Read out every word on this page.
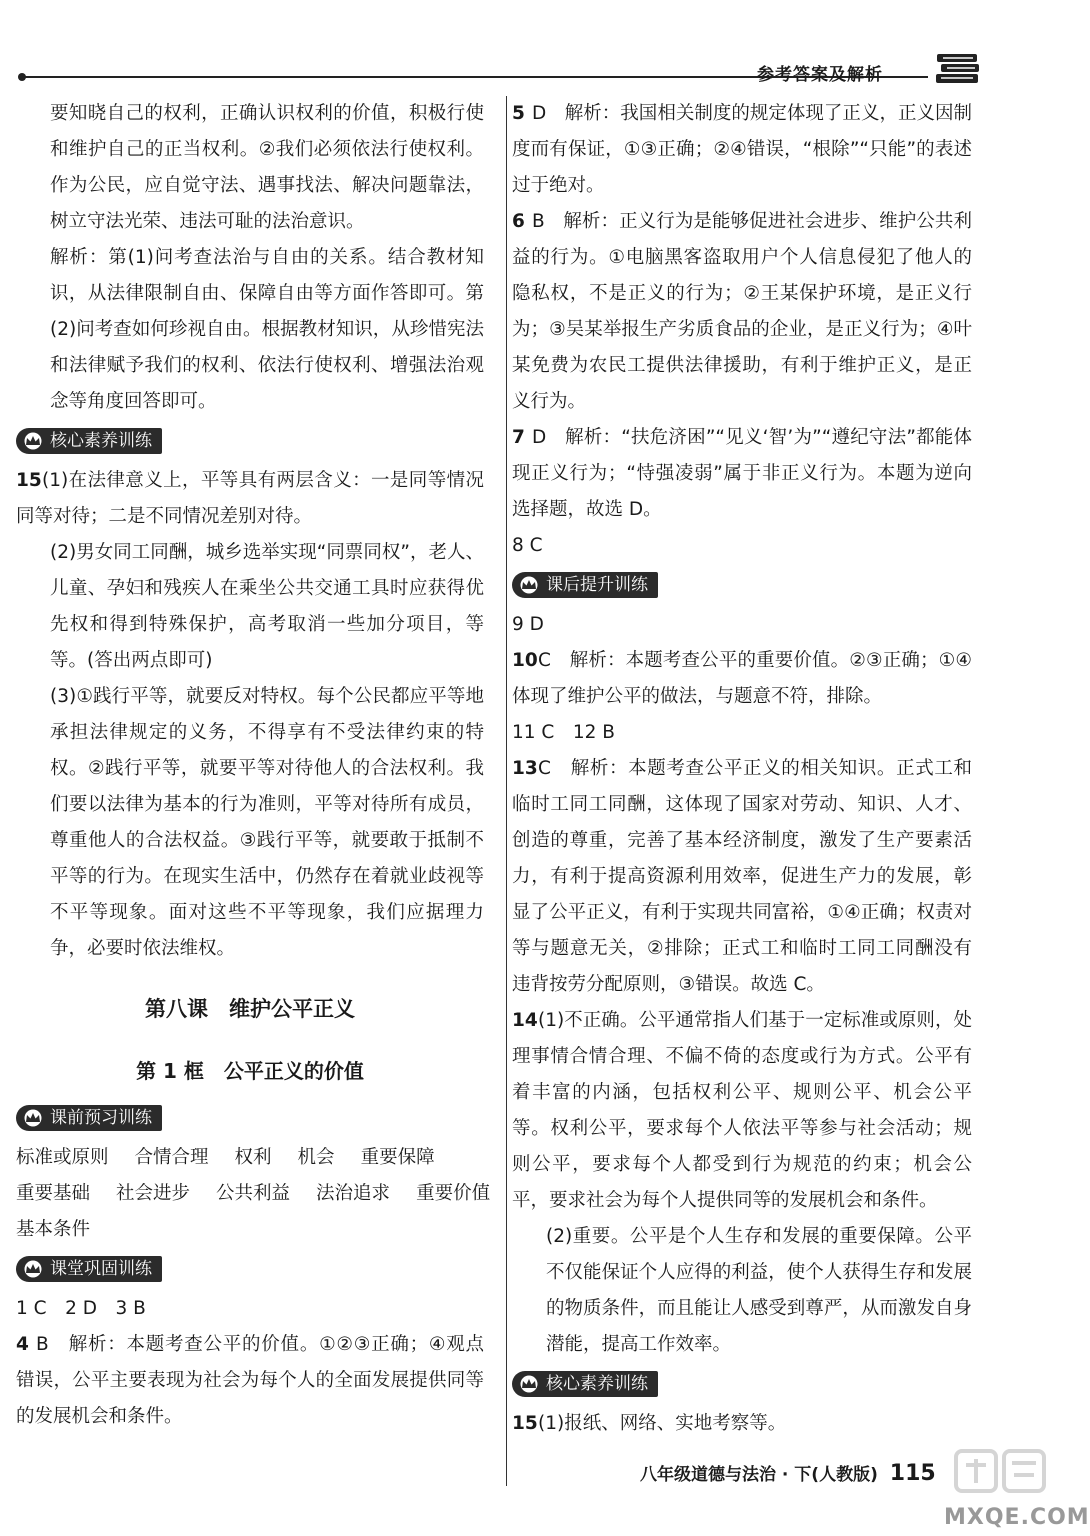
参考答案及解析

要知晓自己的权利，正确认识权利的价值，积极行使和维护自己的正当权利。②我们必须依法行使权利。作为公民，应自觉守法、遇事找法、解决问题靠法，树立守法光荣、违法可耻的法治意识。

解析：第(1)问考查法治与自由的关系。结合教材知识，从法律限制自由、保障自由等方面作答即可。第(2)问考查如何珍视自由。根据教材知识，从珍惜宪法和法律赋予我们的权利、依法行使权利、增强法治观念等角度回答即可。

核心素养训练

15(1)在法律意义上，平等具有两层含义：一是同等情况同等对待；二是不同情况差别对待。

(2)男女同工同酬，城乡选举实现“同票同权”，老人、儿童、孕妇和残疾人在乘坐公共交通工具时应获得优先权和得到特殊保护，高考取消一些加分项目，等等。(答出两点即可)

(3)①践行平等，就要反对特权。每个公民都应平等地承担法律规定的义务，不得享有不受法律约束的特权。②践行平等，就要平等对待他人的合法权利。我们要以法律为基本的行为准则，平等对待所有成员，尊重他人的合法权益。③践行平等，就要敢于抵制不平等的行为。在现实生活中，仍然存在着就业歧视等不平等现象。面对这些不平等现象，我们应据理力争，必要时依法维权。

第八课　维护公平正义
第 1 框　公平正义的价值
课前预习训练
标准或原则 合情合理 权利 机会 重要保障
重要基础 社会进步 公共利益 法治追求 重要价值
基本条件
课堂巩固训练

1 C　2 D　3 B

4 B　解析：本题考查公平的价值。①②③正确；④观点错误，公平主要表现为社会为每个人的全面发展提供同等的发展机会和条件。

5 D　解析：我国相关制度的规定体现了正义，正义因制度而有保证，①③正确；②④错误，“根除”“只能”的表述过于绝对。

6 B　解析：正义行为是能够促进社会进步、维护公共利益的行为。①电脑黑客盗取用户个人信息侵犯了他人的隐私权，不是正义的行为；②王某保护环境，是正义行为；③吴某举报生产劣质食品的企业，是正义行为；④叶某免费为农民工提供法律援助，有利于维护正义，是正义行为。

7 D　解析：“扶危济困”“见义‘智’为”“遵纪守法”都能体现正义行为；“恃强凌弱”属于非正义行为。本题为逆向选择题，故选 D。

8 C

课后提升训练

9 D

10C　解析：本题考查公平的重要价值。②③正确；①④体现了维护公平的做法，与题意不符，排除。

11 C　12 B

13C　解析：本题考查公平正义的相关知识。正式工和临时工同工同酬，这体现了国家对劳动、知识、人才、创造的尊重，完善了基本经济制度，激发了生产要素活力，有利于提高资源利用效率，促进生产力的发展，彰显了公平正义，有利于实现共同富裕，①④正确；权责对等与题意无关，②排除；正式工和临时工同工同酬没有违背按劳分配原则，③错误。故选 C。

14(1)不正确。公平通常指人们基于一定标准或原则，处理事情合情合理、不偏不倚的态度或行为方式。公平有着丰富的内涵，包括权利公平、规则公平、机会公平等。权利公平，要求每个人依法平等参与社会活动；规则公平，要求每个人都受到行为规范的约束；机会公平，要求社会为每个人提供同等的发展机会和条件。

(2)重要。公平是个人生存和发展的重要保障。公平不仅能保证个人应得的利益，使个人获得生存和发展的物质条件，而且能让人感受到尊严，从而激发自身潜能，提高工作效率。

核心素养训练

15(1)报纸、网络、实地考察等。

八年级道德与法治 · 下(人教版) 115
MXQE.COM
